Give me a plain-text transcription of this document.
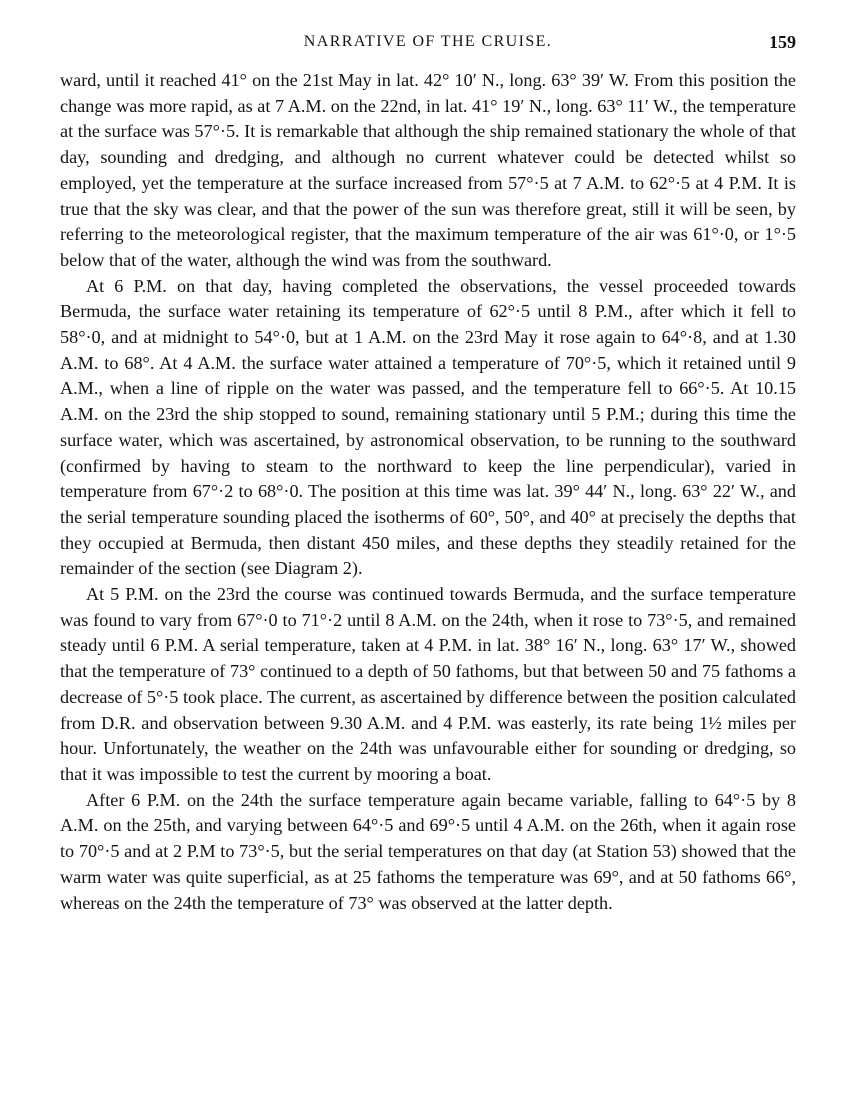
NARRATIVE OF THE CRUISE.	159

ward, until it reached 41° on the 21st May in lat. 42° 10′ N., long. 63° 39′ W. From this position the change was more rapid, as at 7 A.M. on the 22nd, in lat. 41° 19′ N., long. 63° 11′ W., the temperature at the surface was 57°·5. It is remarkable that although the ship remained stationary the whole of that day, sounding and dredging, and although no current whatever could be detected whilst so employed, yet the temperature at the surface increased from 57°·5 at 7 A.M. to 62°·5 at 4 P.M. It is true that the sky was clear, and that the power of the sun was therefore great, still it will be seen, by referring to the meteorological register, that the maximum temperature of the air was 61°·0, or 1°·5 below that of the water, although the wind was from the southward.

At 6 P.M. on that day, having completed the observations, the vessel proceeded towards Bermuda, the surface water retaining its temperature of 62°·5 until 8 P.M., after which it fell to 58°·0, and at midnight to 54°·0, but at 1 A.M. on the 23rd May it rose again to 64°·8, and at 1.30 A.M. to 68°. At 4 A.M. the surface water attained a temperature of 70°·5, which it retained until 9 A.M., when a line of ripple on the water was passed, and the temperature fell to 66°·5. At 10.15 A.M. on the 23rd the ship stopped to sound, remaining stationary until 5 P.M.; during this time the surface water, which was ascertained, by astronomical observation, to be running to the southward (confirmed by having to steam to the northward to keep the line perpendicular), varied in temperature from 67°·2 to 68°·0. The position at this time was lat. 39° 44′ N., long. 63° 22′ W., and the serial temperature sounding placed the isotherms of 60°, 50°, and 40° at precisely the depths that they occupied at Bermuda, then distant 450 miles, and these depths they steadily retained for the remainder of the section (see Diagram 2).

At 5 P.M. on the 23rd the course was continued towards Bermuda, and the surface temperature was found to vary from 67°·0 to 71°·2 until 8 A.M. on the 24th, when it rose to 73°·5, and remained steady until 6 P.M. A serial temperature, taken at 4 P.M. in lat. 38° 16′ N., long. 63° 17′ W., showed that the temperature of 73° continued to a depth of 50 fathoms, but that between 50 and 75 fathoms a decrease of 5°·5 took place. The current, as ascertained by difference between the position calculated from D.R. and observation between 9.30 A.M. and 4 P.M. was easterly, its rate being 1½ miles per hour. Unfortunately, the weather on the 24th was unfavourable either for sounding or dredging, so that it was impossible to test the current by mooring a boat.

After 6 P.M. on the 24th the surface temperature again became variable, falling to 64°·5 by 8 A.M. on the 25th, and varying between 64°·5 and 69°·5 until 4 A.M. on the 26th, when it again rose to 70°·5 and at 2 P.M to 73°·5, but the serial temperatures on that day (at Station 53) showed that the warm water was quite superficial, as at 25 fathoms the temperature was 69°, and at 50 fathoms 66°, whereas on the 24th the temperature of 73° was observed at the latter depth.
